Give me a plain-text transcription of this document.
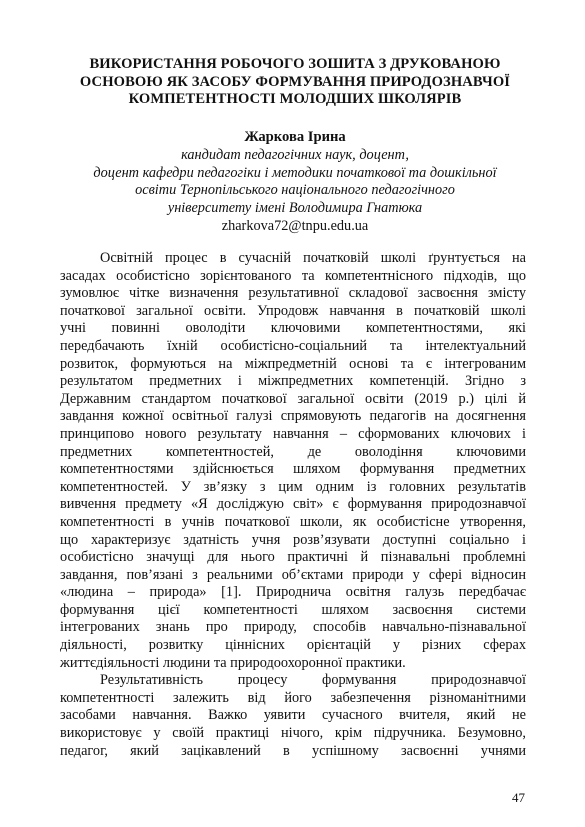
ВИКОРИСТАННЯ РОБОЧОГО ЗОШИТА З ДРУКОВАНОЮ
ОСНОВОЮ ЯК ЗАСОБУ ФОРМУВАННЯ ПРИРОДОЗНАВЧОЇ
КОМПЕТЕНТНОСТІ МОЛОДШИХ ШКОЛЯРІВ
Жаркова Ірина
кандидат педагогічних наук, доцент,
доцент кафедри педагогіки і методики початкової та дошкільної
освіти Тернопільського національного педагогічного
університету імені Володимира Гнатюка
zharkova72@tnpu.edu.ua
Освітній процес в сучасній початковій школі ґрунтується на
засадах особистісно зорієнтованого та компетентнісного підходів, що
зумовлює чітке визначення результативної складової засвоєння змісту
початкової загальної освіти. Упродовж навчання в початковій школі
учні повинні оволодіти ключовими компетентностями, які
передбачають їхній особистісно-соціальний та інтелектуальний
розвиток, формуються на міжпредметній основі та є інтегрованим
результатом предметних і міжпредметних компетенцій. Згідно з
Державним стандартом початкової загальної освіти (2019 р.) цілі й
завдання кожної освітньої галузі спрямовують педагогів на досягнення
принципово нового результату навчання – сформованих ключових і
предметних компетентностей, де оволодіння ключовими
компетентностями здійснюється шляхом формування предметних
компетентностей. У зв’язку з цим одним із головних результатів
вивчення предмету «Я досліджую світ» є формування природознавчої
компетентності в учнів початкової школи, як особистісне утворення,
що характеризує здатність учня розв’язувати доступні соціально і
особистісно значущі для нього практичні й пізнавальні проблемні
завдання, пов’язані з реальними об’єктами природи у сфері відносин
«людина – природа» [1]. Природнича освітня галузь передбачає
формування цієї компетентності шляхом засвоєння системи
інтегрованих знань про природу, способів навчально-пізнавальної
діяльності, розвитку ціннісних орієнтацій у різних сферах
життєдіяльності людини та природоохоронної практики.
Результативність процесу формування природознавчої
компетентності залежить від його забезпечення різноманітними
засобами навчання. Важко уявити сучасного вчителя, який не
використовує у своїй практиці нічого, крім підручника. Безумовно,
педагог, який зацікавлений в успішному засвоєнні учнями
47
